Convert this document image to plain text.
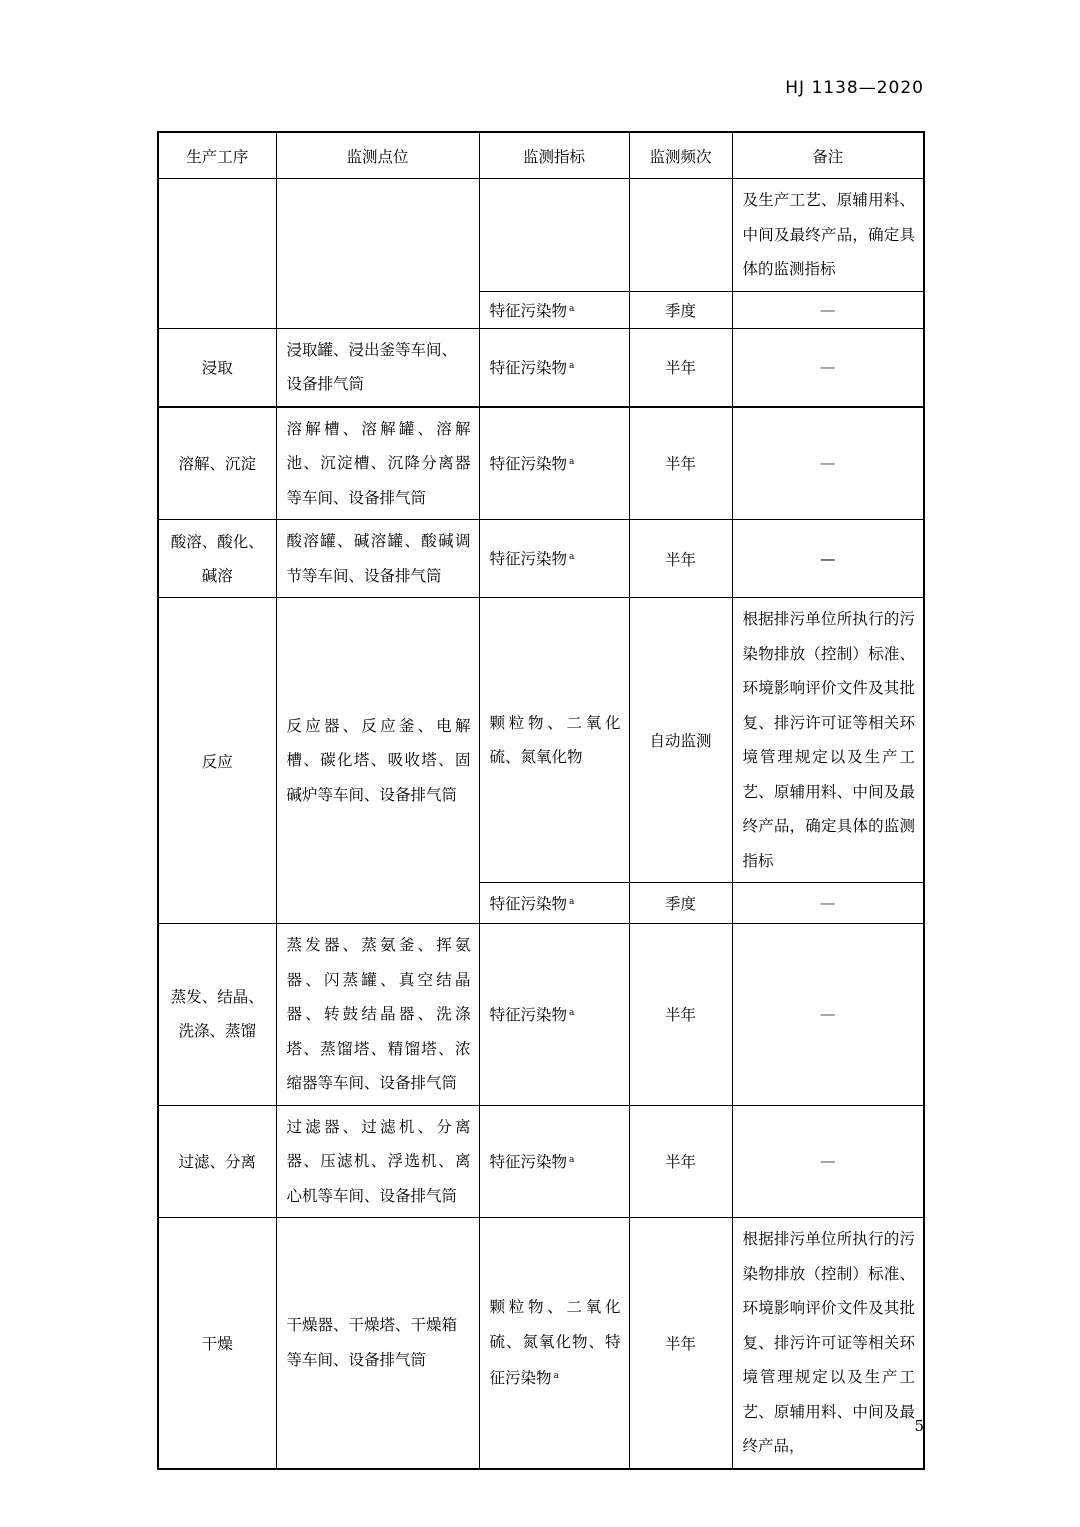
HJ 1138—2020
生产工序	监测点位	监测指标	监测频次	备注
				及生产工艺、原辅用料、中间及最终产品，确定具体的监测指标
		特征污染物 $^a$	季度	—
浸取	浸取罐、浸出釜等车间、设备排气筒	特征污染物 $^a$	半年	—
溶解、沉淀	溶解槽、溶解罐、溶解池、沉淀槽、沉降分离器等车间、设备排气筒	特征污染物 $^a$	半年	—
酸溶、酸化、碱溶	酸溶罐、碱溶罐、酸碱调节等车间、设备排气筒	特征污染物 $^a$	半年	—
反应	反应器、反应釜、电解槽、碳化塔、吸收塔、固碱炉等车间、设备排气筒	颗粒物、二氧化硫、氮氧化物	自动监测	根据排污单位所执行的污染物排放（控制）标准、环境影响评价文件及其批复、排污许可证等相关环境管理规定以及生产工艺、原辅用料、中间及最终产品，确定具体的监测指标
		特征污染物 $^a$	季度	—
蒸发、结晶、洗涤、蒸馏	蒸发器、蒸氨釜、挥氨器、闪蒸罐、真空结晶器、转鼓结晶器、洗涤塔、蒸馏塔、精馏塔、浓缩器等车间、设备排气筒	特征污染物 $^a$	半年	—
过滤、分离	过滤器、过滤机、分离器、压滤机、浮选机、离心机等车间、设备排气筒	特征污染物 $^a$	半年	—
干燥	干燥器、干燥塔、干燥箱等车间、设备排气筒	颗粒物、二氧化硫、氮氧化物、特征污染物 $^a$	半年	根据排污单位所执行的污染物排放（控制）标准、环境影响评价文件及其批复、排污许可证等相关环境管理规定以及生产工艺、原辅用料、中间及最终产品，
5
